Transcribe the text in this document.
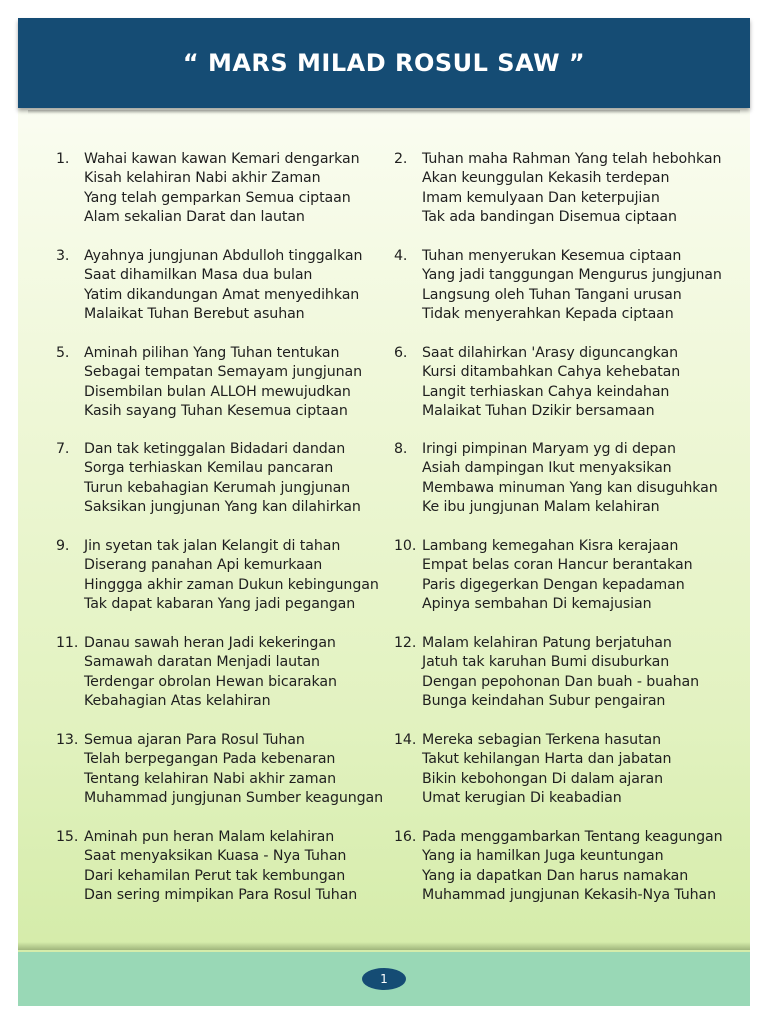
“ MARS MILAD ROSUL SAW ”
1. Wahai kawan kawan Kemari dengarkan
Kisah kelahiran Nabi akhir Zaman
Yang telah gemparkan Semua ciptaan
Alam sekalian Darat dan lautan
3. Ayahnya jungjunan Abdulloh tinggalkan
Saat dihamilkan Masa dua bulan
Yatim dikandungan Amat menyedihkan
Malaikat Tuhan Berebut asuhan
5. Aminah pilihan Yang Tuhan tentukan
Sebagai tempatan Semayam jungjunan
Disembilan bulan ALLOH mewujudkan
Kasih sayang Tuhan Kesemua ciptaan
7. Dan tak ketinggalan Bidadari dandan
Sorga terhiaskan Kemilau pancaran
Turun kebahagian Kerumah jungjunan
Saksikan jungjunan Yang kan dilahirkan
9. Jin syetan tak jalan Kelangit di tahan
Diserang panahan Api kemurkaan
Hinggga akhir zaman Dukun kebingungan
Tak dapat kabaran Yang jadi pegangan
11. Danau sawah heran Jadi kekeringan
Samawah daratan Menjadi lautan
Terdengar obrolan Hewan bicarakan
Kebahagian Atas kelahiran
13. Semua ajaran Para Rosul Tuhan
Telah berpegangan Pada kebenaran
Tentang kelahiran Nabi akhir zaman
Muhammad jungjunan Sumber keagungan
15. Aminah pun heran Malam kelahiran
Saat menyaksikan Kuasa - Nya Tuhan
Dari kehamilan Perut tak kembungan
Dan sering mimpikan Para Rosul Tuhan
2. Tuhan maha Rahman Yang telah hebohkan
Akan keunggulan Kekasih terdepan
Imam kemulyaan Dan keterpujian
Tak ada bandingan Disemua ciptaan
4. Tuhan menyerukan Kesemua ciptaan
Yang jadi tanggungan Mengurus jungjunan
Langsung oleh Tuhan Tangani urusan
Tidak menyerahkan Kepada ciptaan
6. Saat dilahirkan 'Arasy diguncangkan
Kursi ditambahkan Cahya kehebatan
Langit terhiaskan Cahya keindahan
Malaikat Tuhan Dzikir bersamaan
8. Iringi pimpinan Maryam yg di depan
Asiah dampingan Ikut menyaksikan
Membawa minuman Yang kan disuguhkan
Ke ibu jungjunan Malam kelahiran
10. Lambang kemegahan Kisra kerajaan
Empat belas coran Hancur berantakan
Paris digegerkan Dengan kepadaman
Apinya sembahan Di kemajusian
12. Malam kelahiran Patung berjatuhan
Jatuh tak karuhan Bumi disuburkan
Dengan pepohonan Dan buah - buahan
Bunga keindahan Subur pengairan
14. Mereka sebagian Terkena hasutan
Takut kehilangan Harta dan jabatan
Bikin kebohongan Di dalam ajaran
Umat kerugian Di keabadian
16. Pada menggambarkan Tentang keagungan
Yang ia hamilkan Juga keuntungan
Yang ia dapatkan Dan harus namakan
Muhammad jungjunan Kekasih-Nya Tuhan
1
